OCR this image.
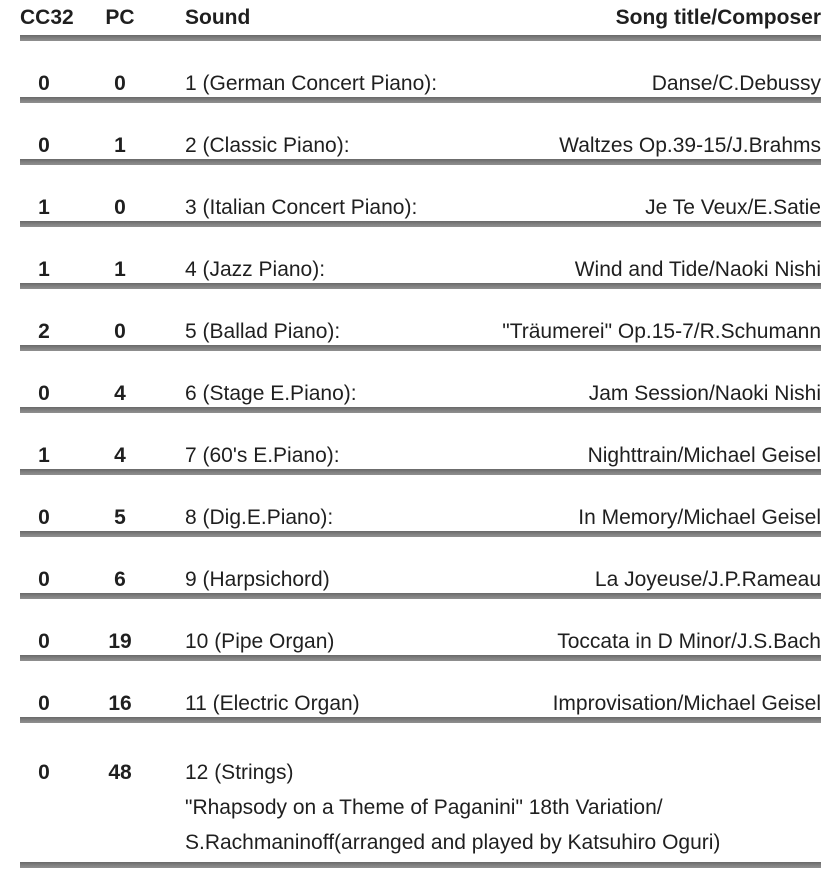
CC32	PC	Sound	Song title/Composer
0	0	1 (German Concert Piano):	Danse/C.Debussy
0	1	2 (Classic Piano):	Waltzes Op.39-15/J.Brahms
1	0	3 (Italian Concert Piano):	Je Te Veux/E.Satie
1	1	4 (Jazz Piano):	Wind and Tide/Naoki Nishi
2	0	5 (Ballad Piano):	"Träumerei" Op.15-7/R.Schumann
0	4	6 (Stage E.Piano):	Jam Session/Naoki Nishi
1	4	7 (60's E.Piano):	Nighttrain/Michael Geisel
0	5	8 (Dig.E.Piano):	In Memory/Michael Geisel
0	6	9 (Harpsichord)	La Joyeuse/J.P.Rameau
0	19	10 (Pipe Organ)	Toccata in D Minor/J.S.Bach
0	16	11 (Electric Organ)	Improvisation/Michael Geisel
0	48	12 (Strings)
"Rhapsody on a Theme of Paganini" 18th Variation/
S.Rachmaninoff(arranged and played by Katsuhiro Oguri)
